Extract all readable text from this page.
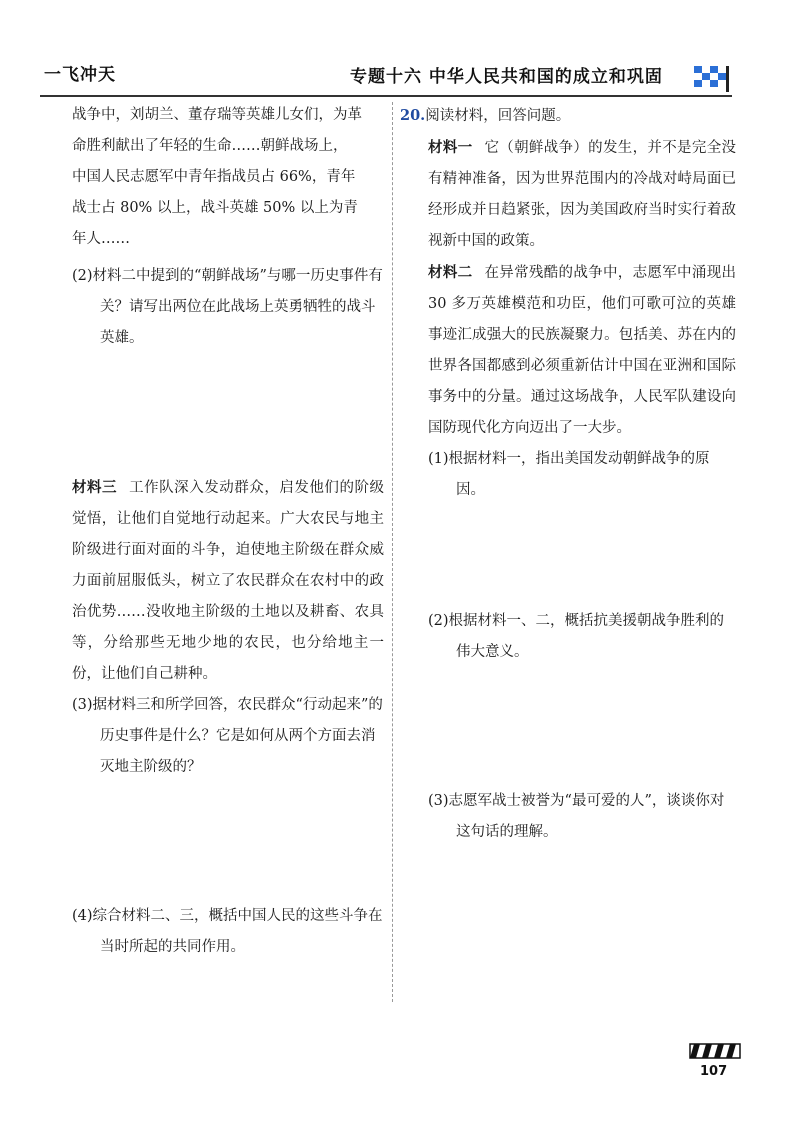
一飞冲天	专题十六 中华人民共和国的成立和巩固

战争中，刘胡兰、董存瑞等英雄儿女们，为革

命胜利献出了年轻的生命……朝鲜战场上，

中国人民志愿军中青年指战员占 66%，青年

战士占 80% 以上，战斗英雄 50% 以上为青

年人……

(2)材料二中提到的“朝鲜战场”与哪一历史事件有关？请写出两位在此战场上英勇牺牲的战斗英雄。

材料三 工作队深入发动群众，启发他们的阶级觉悟，让他们自觉地行动起来。广大农民与地主阶级进行面对面的斗争，迫使地主阶级在群众威力面前屈服低头，树立了农民群众在农村中的政治优势……没收地主阶级的土地以及耕畜、农具等，分给那些无地少地的农民，也分给地主一份，让他们自己耕种。

(3)据材料三和所学回答，农民群众“行动起来”的历史事件是什么？它是如何从两个方面去消灭地主阶级的？

(4)综合材料二、三，概括中国人民的这些斗争在当时所起的共同作用。

20.阅读材料，回答问题。

材料一 它（朝鲜战争）的发生，并不是完全没有精神准备，因为世界范围内的冷战对峙局面已经形成并日趋紧张，因为美国政府当时实行着敌视新中国的政策。

材料二 在异常残酷的战争中，志愿军中涌现出 30 多万英雄模范和功臣，他们可歌可泣的英雄事迹汇成强大的民族凝聚力。包括美、苏在内的世界各国都感到必须重新估计中国在亚洲和国际事务中的分量。通过这场战争，人民军队建设向国防现代化方向迈出了一大步。

(1)根据材料一，指出美国发动朝鲜战争的原因。

(2)根据材料一、二，概括抗美援朝战争胜利的伟大意义。

(3)志愿军战士被誉为“最可爱的人”，谈谈你对这句话的理解。

107
